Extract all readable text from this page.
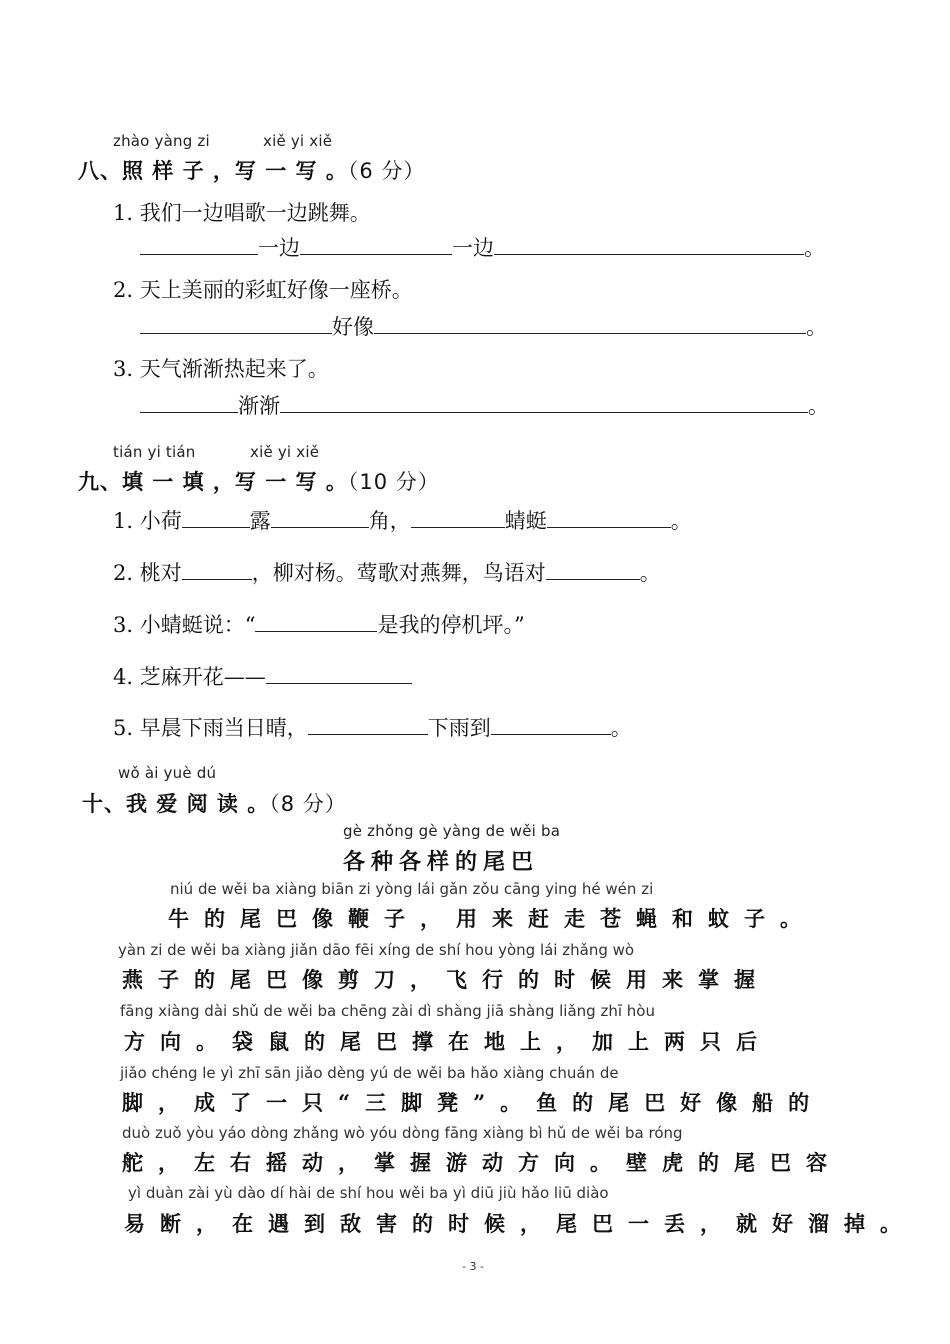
zhào yàng zi	xiě yi xiě
八、照 样 子 ，写 一 写 。（6 分）
1. 我们一边唱歌一边跳舞。
一边	一边	。
2. 天上美丽的彩虹好像一座桥。
好像	。
3. 天气渐渐热起来了。
渐渐	。
tián yi tián	xiě yi xiě
九、填 一 填 ，写 一 写 。（10 分）
1. 小荷	露	角，	蜻蜓	。
2. 桃对	，柳对杨。莺歌对燕舞，鸟语对	。
3. 小蜻蜓说：“	是我的停机坪。”
4. 芝麻开花——
5. 早晨下雨当日晴，	下雨到	。
wǒ ài yuè dú
十、我 爱 阅 读 。（8 分）
gè zhǒng gè yàng de wěi ba
各种各样的尾巴
niú de wěi ba xiàng biān zi yòng lái gǎn zǒu cāng ying hé wén zi
牛的尾巴像鞭子，用来赶走苍蝇和蚊子。
yàn zi de wěi ba xiàng jiǎn dāo fēi xíng de shí hou yòng lái zhǎng wò
燕子的尾巴像剪刀，飞行的时候用来掌握
fāng xiàng dài shǔ de wěi ba chēng zài dì shàng jiā shàng liǎng zhī hòu
方向。袋鼠的尾巴撑在地上，加上两只后
jiǎo chéng le yì zhī sān jiǎo dèng yú de wěi ba hǎo xiàng chuán de
脚，成了一只“三脚凳”。鱼的尾巴好像船的
duò zuǒ yòu yáo dòng zhǎng wò yóu dòng fāng xiàng bì hǔ de wěi ba róng
舵，左右摇动，掌握游动方向。壁虎的尾巴容
yì duàn zài yù dào dí hài de shí hou wěi ba yì diū jiù hǎo liū diào
易断，在遇到敌害的时候，尾巴一丢，就好溜掉。
- 3 -
